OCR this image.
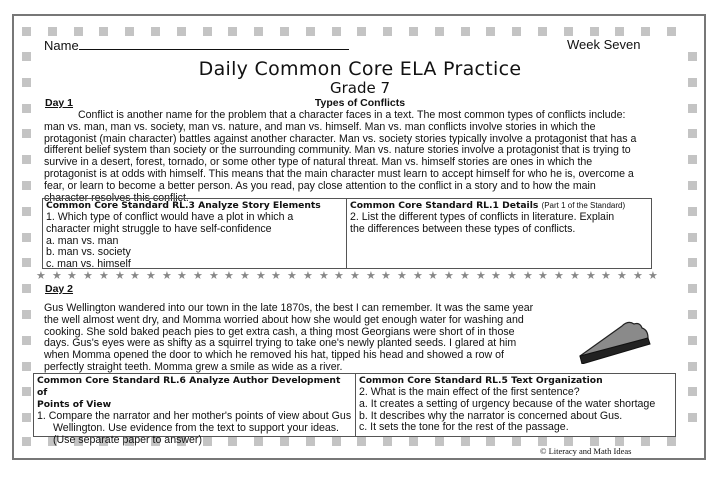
Name	Week Seven
Daily Common Core ELA Practice
Grade 7
Day 1	Types of Conflicts
Conflict is another name for the problem that a character faces in a text. The most common types of conflicts include:
man vs. man, man vs. society, man vs. nature, and man vs. himself. Man vs. man conflicts involve stories in which the
protagonist (main character) battles against another character. Man vs. society stories typically involve a protagonist that has a
different belief system than society or the surrounding community. Man vs. nature stories involve a protagonist that is trying to
survive in a desert, forest, tornado, or some other type of natural threat. Man vs. himself stories are ones in which the
protagonist is at odds with himself. This means that the main character must learn to accept himself for who he is, overcome a
fear, or learn to become a better person. As you read, pay close attention to the conflict in a story and to how the main
character resolves this conflict.
Common Core Standard RL.3 Analyze Story Elements
1. Which type of conflict would have a plot in which a
character might struggle to have self-confidence
a. man vs. man
b. man vs. society
c. man vs. himself
Common Core Standard RL.1 Details (Part 1 of the Standard)
2. List the different types of conflicts in literature. Explain
the differences between these types of conflicts.
★ ★ ★ ★ ★ ★ ★ ★ ★ ★ ★ ★ ★ ★ ★ ★ ★ ★ ★ ★ ★ ★ ★ ★ ★ ★ ★ ★ ★ ★ ★ ★ ★ ★ ★ ★ ★ ★ ★ ★
Day 2
Gus Wellington wandered into our town in the late 1870s, the best I can remember. It was the same year
the well almost went dry, and Momma worried about how she would get enough water for washing and
cooking. She sold baked peach pies to get extra cash, a thing most Georgians were short of in those
days. Gus's eyes were as shifty as a squirrel trying to take one's newly planted seeds. I glared at him
when Momma opened the door to which he removed his hat, tipped his head and showed a row of
perfectly straight teeth. Momma grew a smile as wide as a river.
Common Core Standard RL.6 Analyze Author Development of
Points of View
1. Compare the narrator and her mother's points of view about Gus Wellington. Use evidence from the text to support your ideas. (Use separate paper to answer)
Common Core Standard RL.5 Text Organization
2. What is the main effect of the first sentence?
a. It creates a setting of urgency because of the water shortage
b. It describes why the narrator is concerned about Gus.
c. It sets the tone for the rest of the passage.
© Literacy and Math Ideas
